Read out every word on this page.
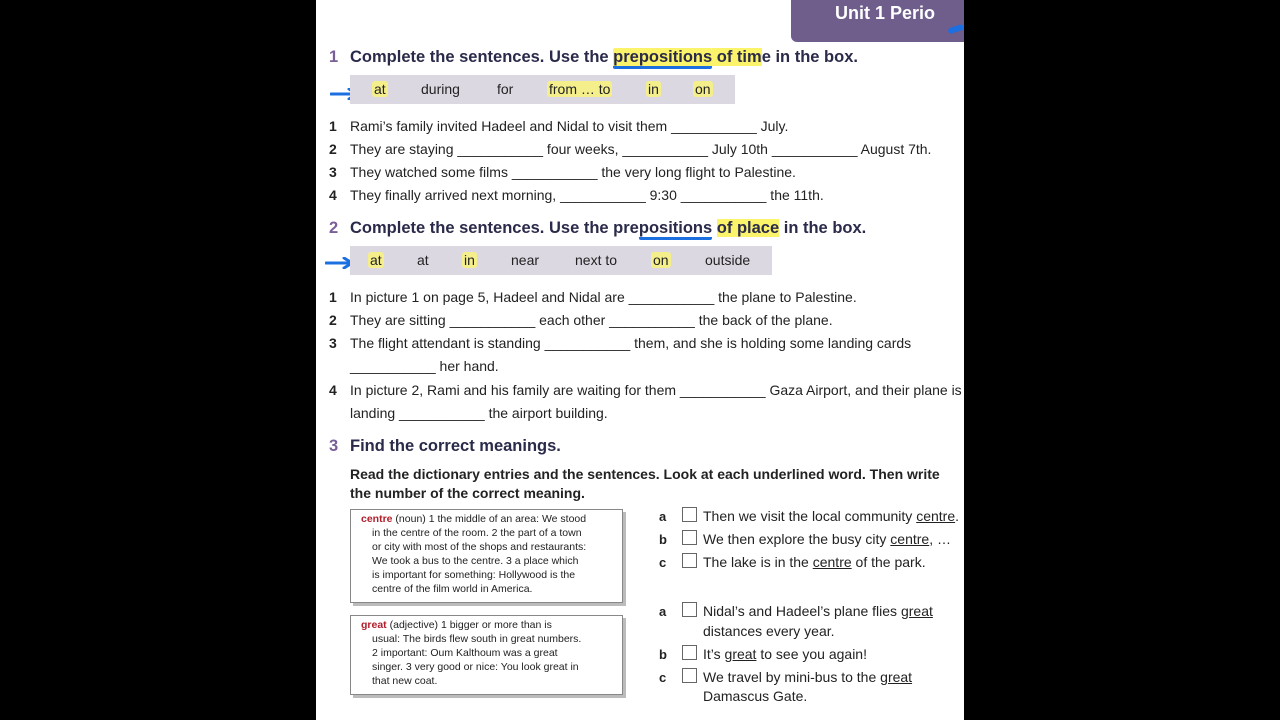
Unit 1 Perio
1 Complete the sentences. Use the prepositions of time in the box.
at	during	for	from … to	in	on
1 Rami’s family invited Hadeel and Nidal to visit them ___________ July.
2 They are staying ___________ four weeks, ___________ July 10th ___________ August 7th.
3 They watched some films ___________ the very long flight to Palestine.
4 They finally arrived next morning, ___________ 9:30 ___________ the 11th.
2 Complete the sentences. Use the prepositions of place in the box.
at	at	in	near	next to	on	outside
1 In picture 1 on page 5, Hadeel and Nidal are ___________ the plane to Palestine.
2 They are sitting ___________ each other ___________ the back of the plane.
3 The flight attendant is standing ___________ them, and she is holding some landing cards
___________ her hand.
4 In picture 2, Rami and his family are waiting for them ___________ Gaza Airport, and their plane is
landing ___________ the airport building.
3 Find the correct meanings.
Read the dictionary entries and the sentences. Look at each underlined word. Then write
the number of the correct meaning.
centre (noun) 1 the middle of an area: We stood
in the centre of the room. 2 the part of a town
or city with most of the shops and restaurants:
We took a bus to the centre. 3 a place which
is important for something: Hollywood is the
centre of the film world in America.
great (adjective) 1 bigger or more than is
usual: The birds flew south in great numbers.
2 important: Oum Kalthoum was a great
singer. 3 very good or nice: You look great in
that new coat.
a	Then we visit the local community centre.
b	We then explore the busy city centre, …
c	The lake is in the centre of the park.
a	Nidal’s and Hadeel’s plane flies great
distances every year.
b	It’s great to see you again!
c	We travel by mini-bus to the great
Damascus Gate.
